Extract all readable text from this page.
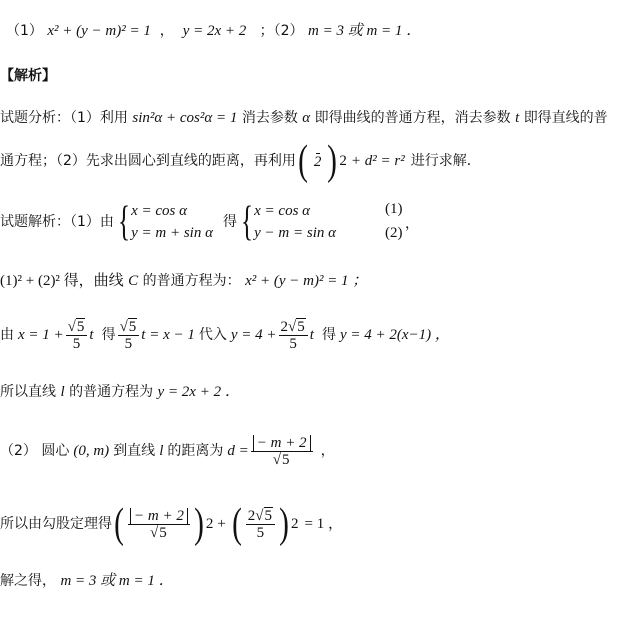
（1） x² + (y − m)² = 1  ，  y = 2x + 2 ；（2） m = 3 或 m = 1 ．
【解析】
试题分析：（1）利用 sin²α + cos²α = 1 消去参数 α 即得曲线的普通方程，消去参数 t 即得直线的普
通方程；（2）先求出圆心到直线的距离，再利用 ( 2 ) 2 + d² = r² 进行求解．
试题解析：（1）由 { x = cos α
y = m + sin α
得 { x = cos α
y − m = sin α
(1)
(2)
，
(1)² + (2)² 得，曲线 C 的普通方程为： x² + (y − m)² = 1 ；
由 $x = 1 + \frac{√5}{5}$ t 得 $\frac{√5}{5}$ t = x − 1 代入 $y = 4 + \frac{2√5}{5}$ t 得 y = 4 + 2(x−1) ，
所以直线 l 的普通方程为 y = 2x + 2 ．
（2） 圆心 (0, m) 到直线 l 的距离为 $d = \frac{- m + 2}{√5}$ ，
所以由勾股定理得 ( $\frac{- m + 2}{√5}$ ) 2 + ( $\frac{2√5}{5}$ ) 2 = 1 ，
解之得， m = 3 或 m = 1 ．
